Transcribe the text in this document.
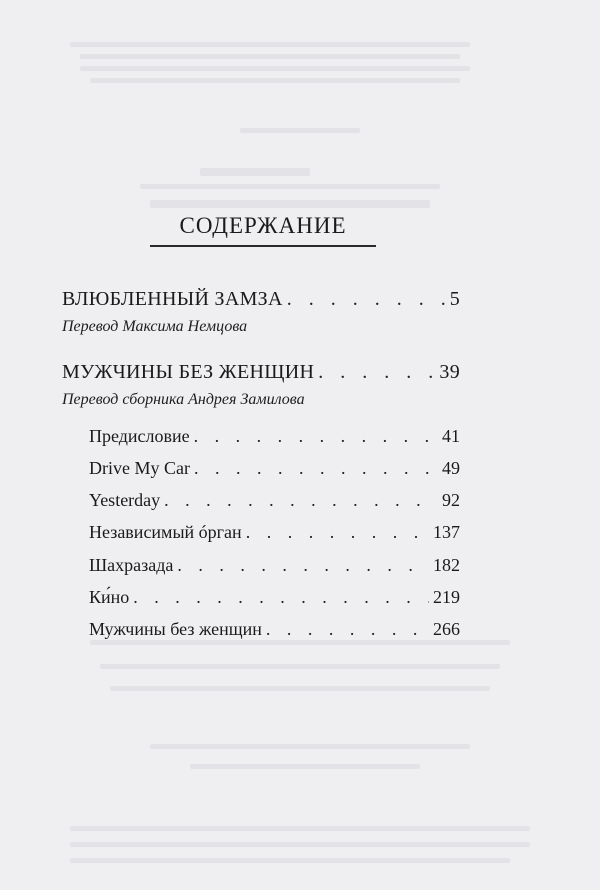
СОДЕРЖАНИЕ
ВЛЮБЛЕННЫЙ ЗАМЗА . . .	5
Перевод Максима Немцова
МУЖЧИНЫ БЕЗ ЖЕНЩИН . . .	39
Перевод сборника Андрея Замилова
Предисловие . . .	41
Drive My Car . . .	49
Yesterday . . .	92
Независимый óрган . . .	137
Шахразада . . .	182
Ки́но . . .	219
Мужчины без женщин . . .	266
